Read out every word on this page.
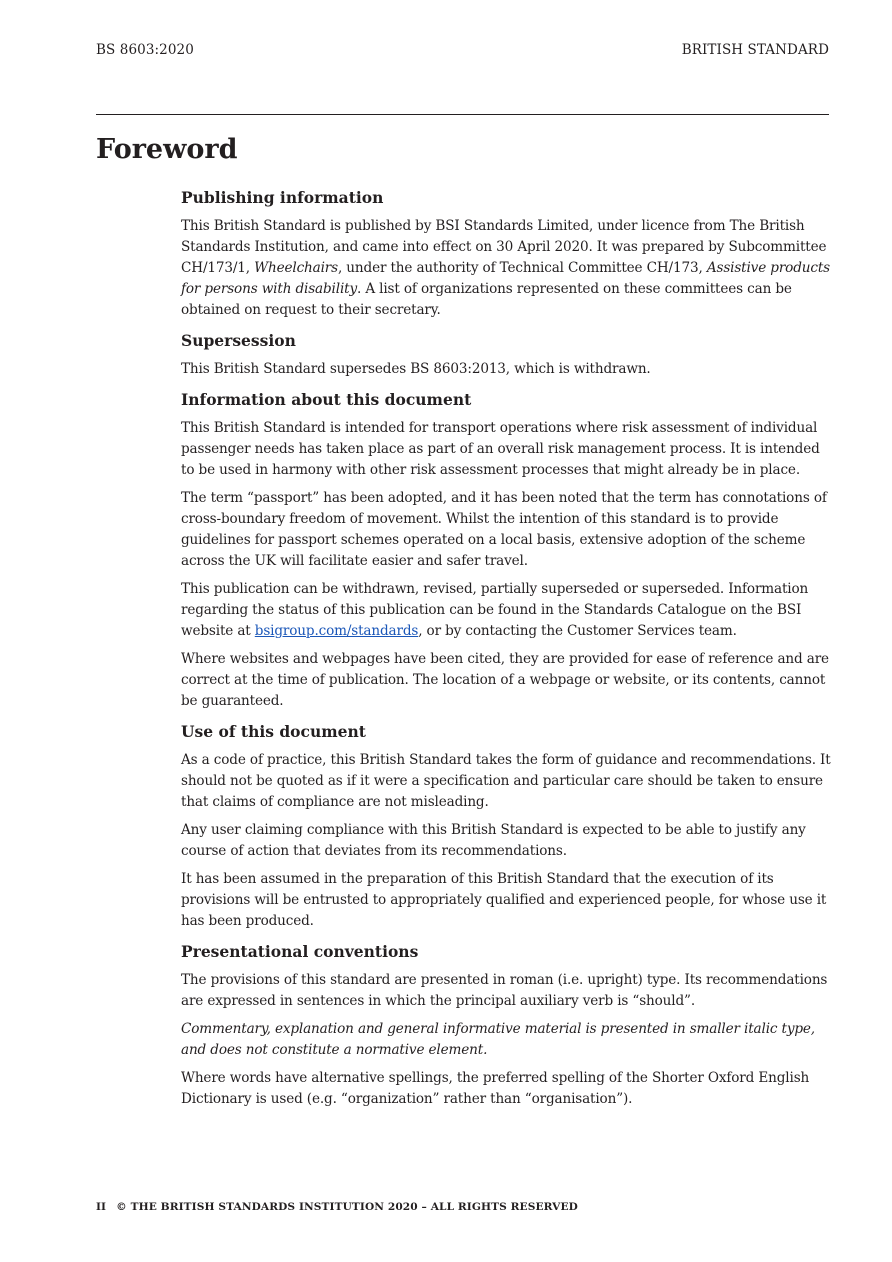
BS 8603:2020	BRITISH STANDARD
Foreword
Publishing information

This British Standard is published by BSI Standards Limited, under licence from The British Standards Institution, and came into effect on 30 April 2020. It was prepared by Subcommittee CH/173/1, Wheelchairs, under the authority of Technical Committee CH/173, Assistive products for persons with disability. A list of organizations represented on these committees can be obtained on request to their secretary.

Supersession

This British Standard supersedes BS 8603:2013, which is withdrawn.

Information about this document

This British Standard is intended for transport operations where risk assessment of individual passenger needs has taken place as part of an overall risk management process. It is intended to be used in harmony with other risk assessment processes that might already be in place.

The term “passport” has been adopted, and it has been noted that the term has connotations of cross-boundary freedom of movement. Whilst the intention of this standard is to provide guidelines for passport schemes operated on a local basis, extensive adoption of the scheme across the UK will facilitate easier and safer travel.

This publication can be withdrawn, revised, partially superseded or superseded. Information regarding the status of this publication can be found in the Standards Catalogue on the BSI website at bsigroup.com/standards, or by contacting the Customer Services team.

Where websites and webpages have been cited, they are provided for ease of reference and are correct at the time of publication. The location of a webpage or website, or its contents, cannot be guaranteed.

Use of this document

As a code of practice, this British Standard takes the form of guidance and recommendations. It should not be quoted as if it were a specification and particular care should be taken to ensure that claims of compliance are not misleading.

Any user claiming compliance with this British Standard is expected to be able to justify any course of action that deviates from its recommendations.

It has been assumed in the preparation of this British Standard that the execution of its provisions will be entrusted to appropriately qualified and experienced people, for whose use it has been produced.

Presentational conventions

The provisions of this standard are presented in roman (i.e. upright) type. Its recommendations are expressed in sentences in which the principal auxiliary verb is “should”.

Commentary, explanation and general informative material is presented in smaller italic type, and does not constitute a normative element.

Where words have alternative spellings, the preferred spelling of the Shorter Oxford English Dictionary is used (e.g. “organization” rather than “organisation”).

II © THE BRITISH STANDARDS INSTITUTION 2020 – ALL RIGHTS RESERVED
